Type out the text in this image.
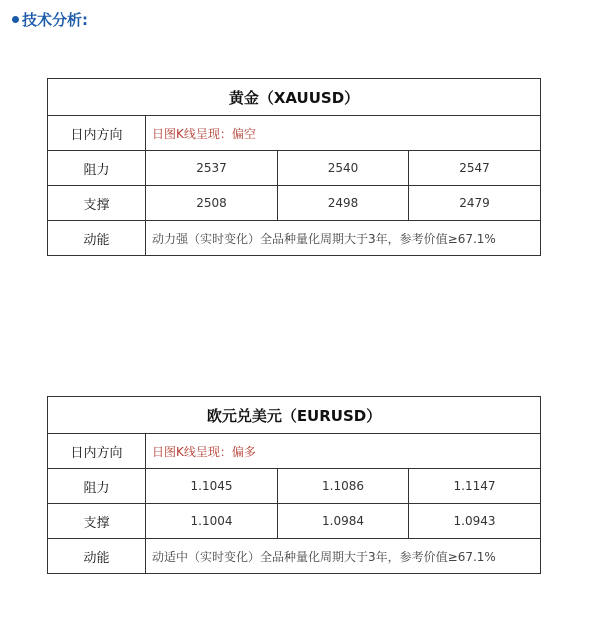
技术分析:
黄金（XAUUSD）			
日内方向	日图K线呈现：偏空		
阻力	2537	2540	2547
支撑	2508	2498	2479
动能	动力强（实时变化）全品种量化周期大于3年，参考价值≥67.1%		
欧元兑美元（EURUSD）			
日内方向	日图K线呈现：偏多		
阻力	1.1045	1.1086	1.1147
支撑	1.1004	1.0984	1.0943
动能	动适中（实时变化）全品种量化周期大于3年，参考价值≥67.1%		
